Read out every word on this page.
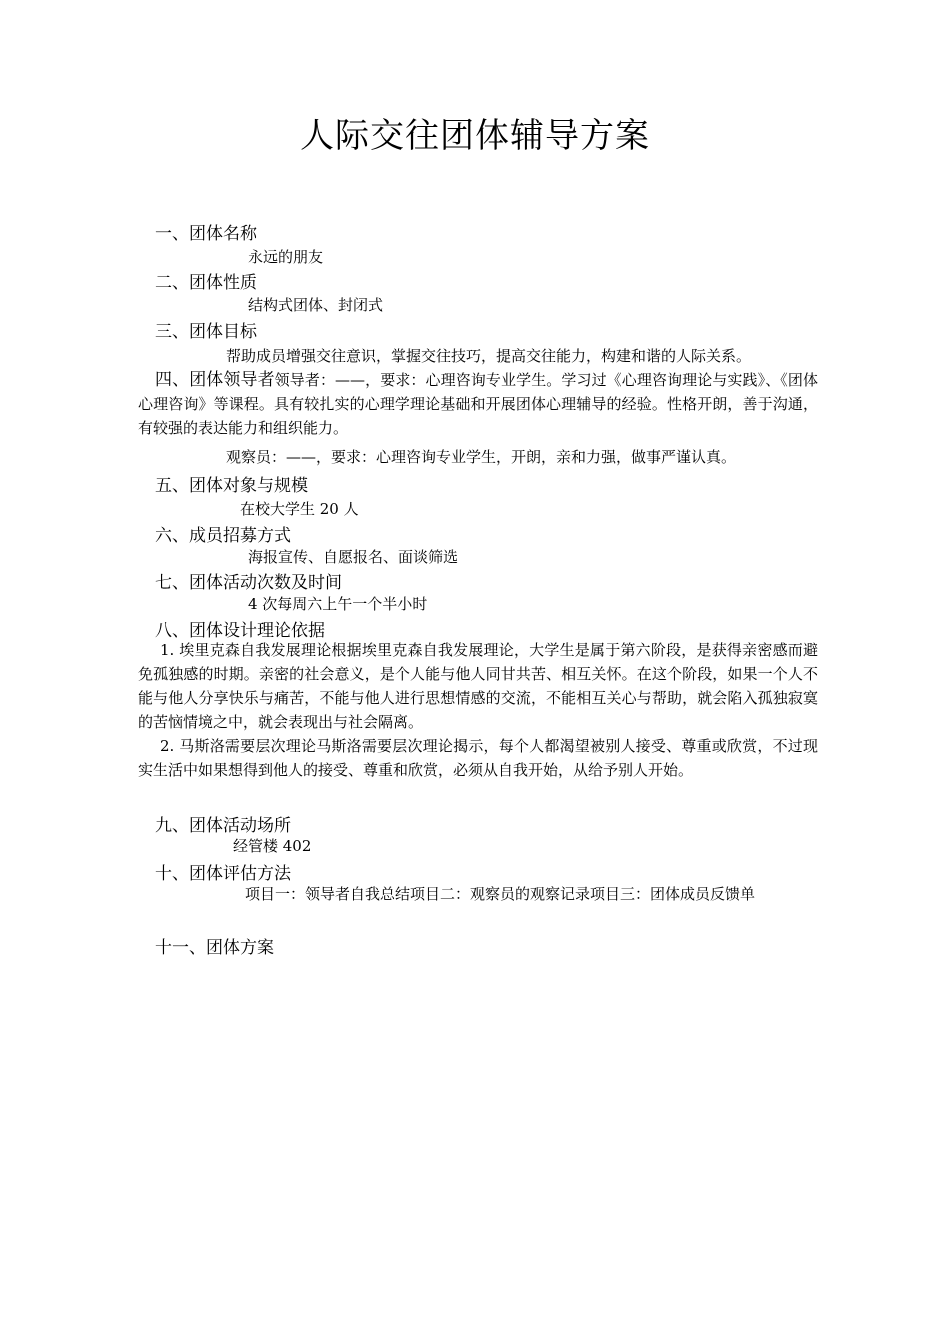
人际交往团体辅导方案
一、团体名称
永远的朋友
二、团体性质
结构式团体、封闭式
三、团体目标
帮助成员增强交往意识，掌握交往技巧，提高交往能力，构建和谐的人际关系。
四、团体领导者领导者：——，要求：心理咨询专业学生。学习过《心理咨询理论与实践》、《团体心理咨询》等课程。具有较扎实的心理学理论基础和开展团体心理辅导的经验。性格开朗，善于沟通，有较强的表达能力和组织能力。
观察员：——，要求：心理咨询专业学生，开朗，亲和力强，做事严谨认真。
五、团体对象与规模
在校大学生 20 人
六、成员招募方式
海报宣传、自愿报名、面谈筛选
七、团体活动次数及时间
4 次每周六上午一个半小时
八、团体设计理论依据
1. 埃里克森自我发展理论根据埃里克森自我发展理论，大学生是属于第六阶段，是获得亲密感而避免孤独感的时期。亲密的社会意义，是个人能与他人同甘共苦、相互关怀。在这个阶段，如果一个人不能与他人分享快乐与痛苦，不能与他人进行思想情感的交流，不能相互关心与帮助，就会陷入孤独寂寞的苦恼情境之中，就会表现出与社会隔离。
2. 马斯洛需要层次理论马斯洛需要层次理论揭示，每个人都渴望被别人接受、尊重或欣赏，不过现实生活中如果想得到他人的接受、尊重和欣赏，必须从自我开始，从给予别人开始。
九、团体活动场所
经管楼 402
十、团体评估方法
项目一：领导者自我总结项目二：观察员的观察记录项目三：团体成员反馈单
十一、团体方案
